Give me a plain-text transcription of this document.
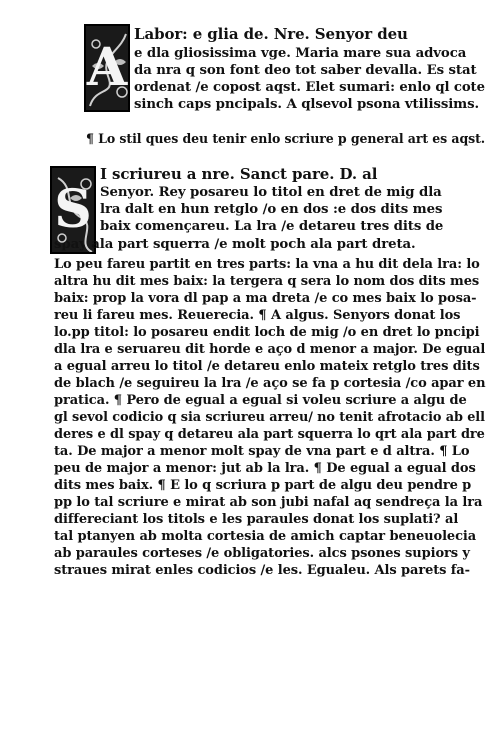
A
Labor: e glia de. Nre. Senyor deu
e dla gliosissima vge. Maria mare sua advoca
da nra q son font deo tot saber devalla. Es stat
ordenat /e copost aqst. Elet sumari: enlo ql cote
sinch caps pncipals. A qlsevol psona vtilissims.
¶ Lo stil ques deu tenir enlo scriure p general art es aqst.
S
I scriureu a nre. Sanct pare. D. al
Senyor. Rey posareu lo titol en dret de mig dla
lra dalt en hun retglo /o en dos :e dos dits mes
baix començareu. La lra /e detareu tres dits de
spay ala part squerra /e molt poch ala part dreta.
Lo peu fareu partit en tres parts: la vna a hu dit dela lra: lo
altra hu dit mes baix: la tergera q sera lo nom dos dits mes
baix: prop la vora dl pap a ma dreta /e co mes baix lo posa-
reu li fareu mes. Reuerecia. ¶ A algus. Senyors donat los
lo.pp titol: lo posareu endit loch de mig /o en dret lo pncipi
dla lra e seruareu dit horde e aço d menor a major. De egual
a egual arreu lo titol /e detareu enlo mateix retglo tres dits
de blach /e seguireu la lra /e aço se fa p cortesia /co apar en
pratica. ¶ Pero de egual a egual si voleu scriure a algu de
gl sevol codicio q sia scriureu arreu/ no tenit afrotacio ab ell
deres e dl spay q detareu ala part squerra lo qrt ala part dre
ta. De major a menor molt spay de vna part e d altra. ¶ Lo
peu de major a menor: jut ab la lra. ¶ De egual a egual dos
dits mes baix. ¶ E lo q scriura p part de algu deu pendre p
pp lo tal scriure e mirat ab son jubi nafal aq sendreça la lra
differeciant los titols e les paraules donat los suplati? al
tal ptanyen ab molta cortesia de amich captar beneuolecia
ab paraules corteses /e obligatories. alcs psones supiors y
straues mirat enles codicios /e les. Egualeu. Als parets fa-
